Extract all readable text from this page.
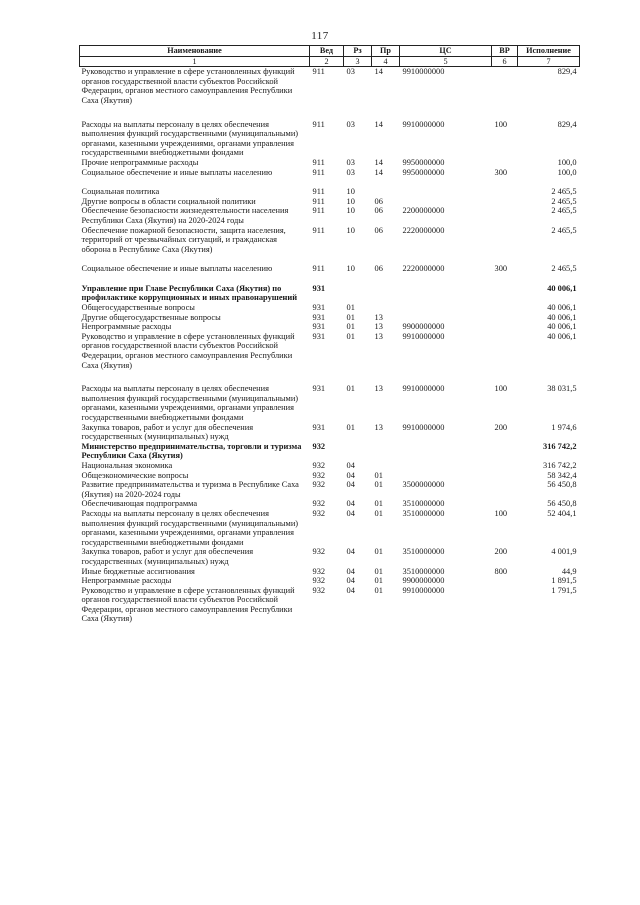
117
Наименование	Вед	Рз	Пр	ЦС	ВР	Исполнение
1	2	3	4	5	6	7
Руководство и управление в сфере установленных функций органов государственной власти субъектов Российской Федерации, органов местного самоуправления Республики Саха (Якутия)	911	03	14	9910000000		829,4

Расходы на выплаты персоналу в целях обеспечения выполнения функций государственными (муниципальными) органами, казенными учреждениями, органами управления государственными внебюджетными фондами	911	03	14	9910000000	100	829,4
Прочие непрограммные расходы	911	03	14	9950000000		100,0
Социальное обеспечение и иные выплаты населению	911	03	14	9950000000	300	100,0

Социальная политика	911	10				2 465,5
Другие вопросы в области социальной политики	911	10	06			2 465,5
Обеспечение безопасности жизнедеятельности населения Республики Саха (Якутия) на 2020-2024 годы	911	10	06	2200000000		2 465,5
Обеспечение пожарной безопасности, защита населения, территорий от чрезвычайных ситуаций, и гражданская оборона в Республике Саха (Якутия)	911	10	06	2220000000		2 465,5

Социальное обеспечение и иные выплаты населению	911	10	06	2220000000	300	2 465,5

Управление при Главе Республики Саха (Якутия) по профилактике коррупционных и иных правонарушений	931					40 006,1
Общегосударственные вопросы	931	01				40 006,1
Другие общегосударственные вопросы	931	01	13			40 006,1
Непрограммные расходы	931	01	13	9900000000		40 006,1
Руководство и управление в сфере установленных функций органов государственной власти субъектов Российской Федерации, органов местного самоуправления Республики Саха (Якутия)	931	01	13	9910000000		40 006,1

Расходы на выплаты персоналу в целях обеспечения выполнения функций государственными (муниципальными) органами, казенными учреждениями, органами управления государственными внебюджетными фондами	931	01	13	9910000000	100	38 031,5
Закупка товаров, работ и услуг для обеспечения государственных (муниципальных) нужд	931	01	13	9910000000	200	1 974,6
Министерство предпринимательства, торговли и туризма Республики Саха (Якутия)	932					316 742,2
Национальная экономика	932	04				316 742,2
Общеэкономические вопросы	932	04	01			58 342,4
Развитие предпринимательства и туризма в Республике Саха (Якутия) на 2020-2024 годы	932	04	01	3500000000		56 450,8
Обеспечивающая подпрограмма	932	04	01	3510000000		56 450,8
Расходы на выплаты персоналу в целях обеспечения выполнения функций государственными (муниципальными) органами, казенными учреждениями, органами управления государственными внебюджетными фондами	932	04	01	3510000000	100	52 404,1
Закупка товаров, работ и услуг для обеспечения государственных (муниципальных) нужд	932	04	01	3510000000	200	4 001,9
Иные бюджетные ассигнования	932	04	01	3510000000	800	44,9
Непрограммные расходы	932	04	01	9900000000		1 891,5
Руководство и управление в сфере установленных функций органов государственной власти субъектов Российской Федерации, органов местного самоуправления Республики Саха (Якутия)	932	04	01	9910000000		1 791,5
